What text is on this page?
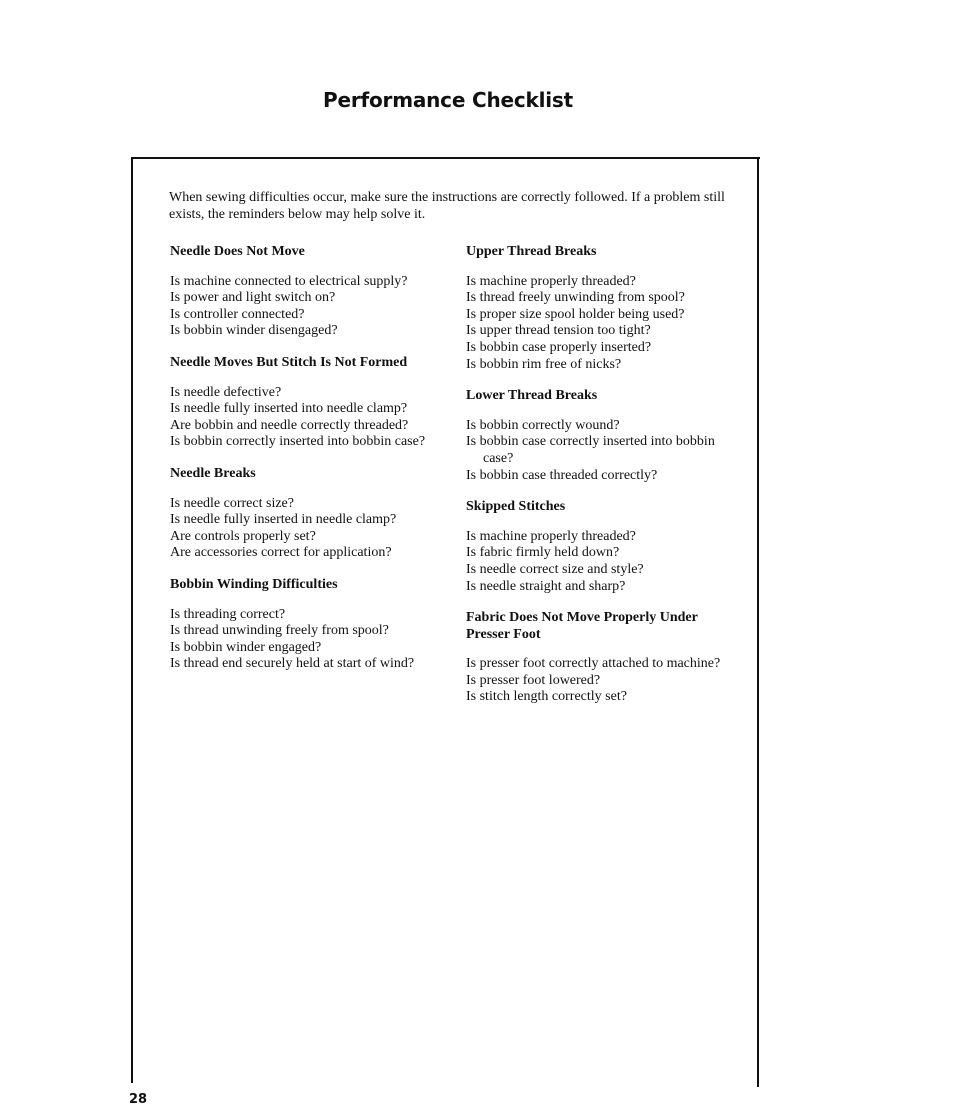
Performance Checklist

When sewing difficulties occur, make sure the instructions are correctly followed. If a problem still exists, the reminders below may help solve it.

Needle Does Not Move
Is machine connected to electrical supply?
Is power and light switch on?
Is controller connected?
Is bobbin winder disengaged?
Needle Moves But Stitch Is Not Formed
Is needle defective?
Is needle fully inserted into needle clamp?
Are bobbin and needle correctly threaded?
Is bobbin correctly inserted into bobbin case?
Needle Breaks
Is needle correct size?
Is needle fully inserted in needle clamp?
Are controls properly set?
Are accessories correct for application?
Bobbin Winding Difficulties
Is threading correct?
Is thread unwinding freely from spool?
Is bobbin winder engaged?
Is thread end securely held at start of wind?
Upper Thread Breaks
Is machine properly threaded?
Is thread freely unwinding from spool?
Is proper size spool holder being used?
Is upper thread tension too tight?
Is bobbin case properly inserted?
Is bobbin rim free of nicks?
Lower Thread Breaks
Is bobbin correctly wound?
Is bobbin case correctly inserted into bobbin case?
Is bobbin case threaded correctly?
Skipped Stitches
Is machine properly threaded?
Is fabric firmly held down?
Is needle correct size and style?
Is needle straight and sharp?
Fabric Does Not Move Properly Under Presser Foot
Is presser foot correctly attached to machine?
Is presser foot lowered?
Is stitch length correctly set?
28
